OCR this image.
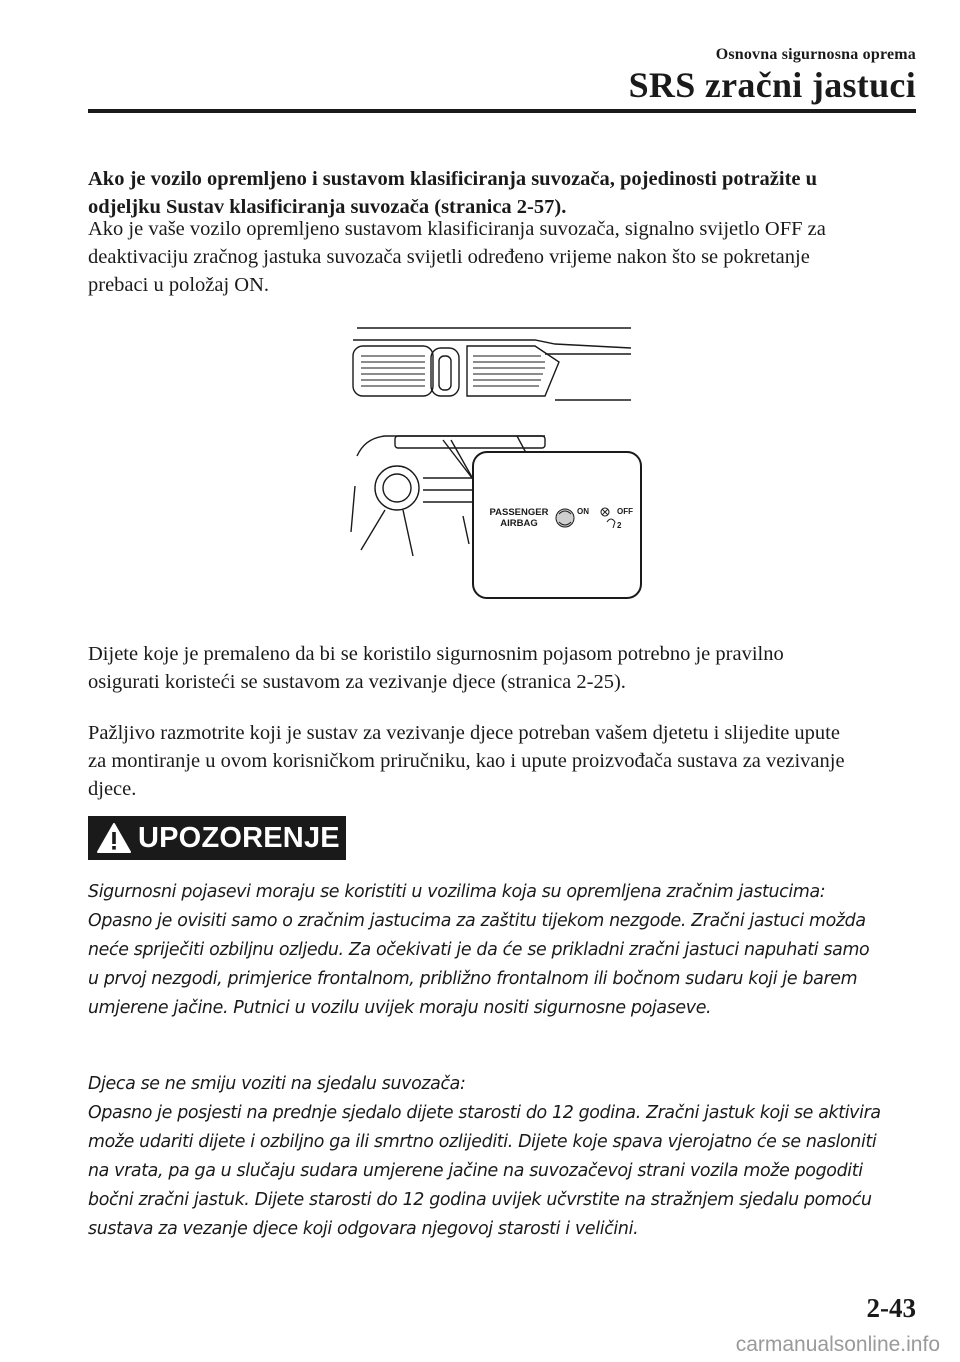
Osnovna sigurnosna oprema
SRS zračni jastuci
Ako je vozilo opremljeno i sustavom klasificiranja suvozača, pojedinosti potražite u
odjeljku Sustav klasificiranja suvozača (stranica 2-57).
Ako je vaše vozilo opremljeno sustavom klasificiranja suvozača, signalno svijetlo OFF za
deaktivaciju zračnog jastuka suvozača svijetli određeno vrijeme nakon što se pokretanje
prebaci u položaj ON.
PASSENGER
AIRBAG
ON	OFF
2
Dijete koje je premaleno da bi se koristilo sigurnosnim pojasom potrebno je pravilno
osigurati koristeći se sustavom za vezivanje djece (stranica 2-25).
Pažljivo razmotrite koji je sustav za vezivanje djece potreban vašem djetetu i slijedite upute
za montiranje u ovom korisničkom priručniku, kao i upute proizvođača sustava za vezivanje
djece.
UPOZORENJE
Sigurnosni pojasevi moraju se koristiti u vozilima koja su opremljena zračnim jastucima:
Opasno je ovisiti samo o zračnim jastucima za zaštitu tijekom nezgode. Zračni jastuci možda
neće spriječiti ozbiljnu ozljedu. Za očekivati je da će se prikladni zračni jastuci napuhati samo
u prvoj nezgodi, primjerice frontalnom, približno frontalnom ili bočnom sudaru koji je barem
umjerene jačine. Putnici u vozilu uvijek moraju nositi sigurnosne pojaseve.
Djeca se ne smiju voziti na sjedalu suvozača:
Opasno je posjesti na prednje sjedalo dijete starosti do 12 godina. Zračni jastuk koji se aktivira
može udariti dijete i ozbiljno ga ili smrtno ozlijediti. Dijete koje spava vjerojatno će se nasloniti
na vrata, pa ga u slučaju sudara umjerene jačine na suvozačevoj strani vozila može pogoditi
bočni zračni jastuk. Dijete starosti do 12 godina uvijek učvrstite na stražnjem sjedalu pomoću
sustava za vezanje djece koji odgovara njegovoj starosti i veličini.
2-43
carmanualsonline.info
